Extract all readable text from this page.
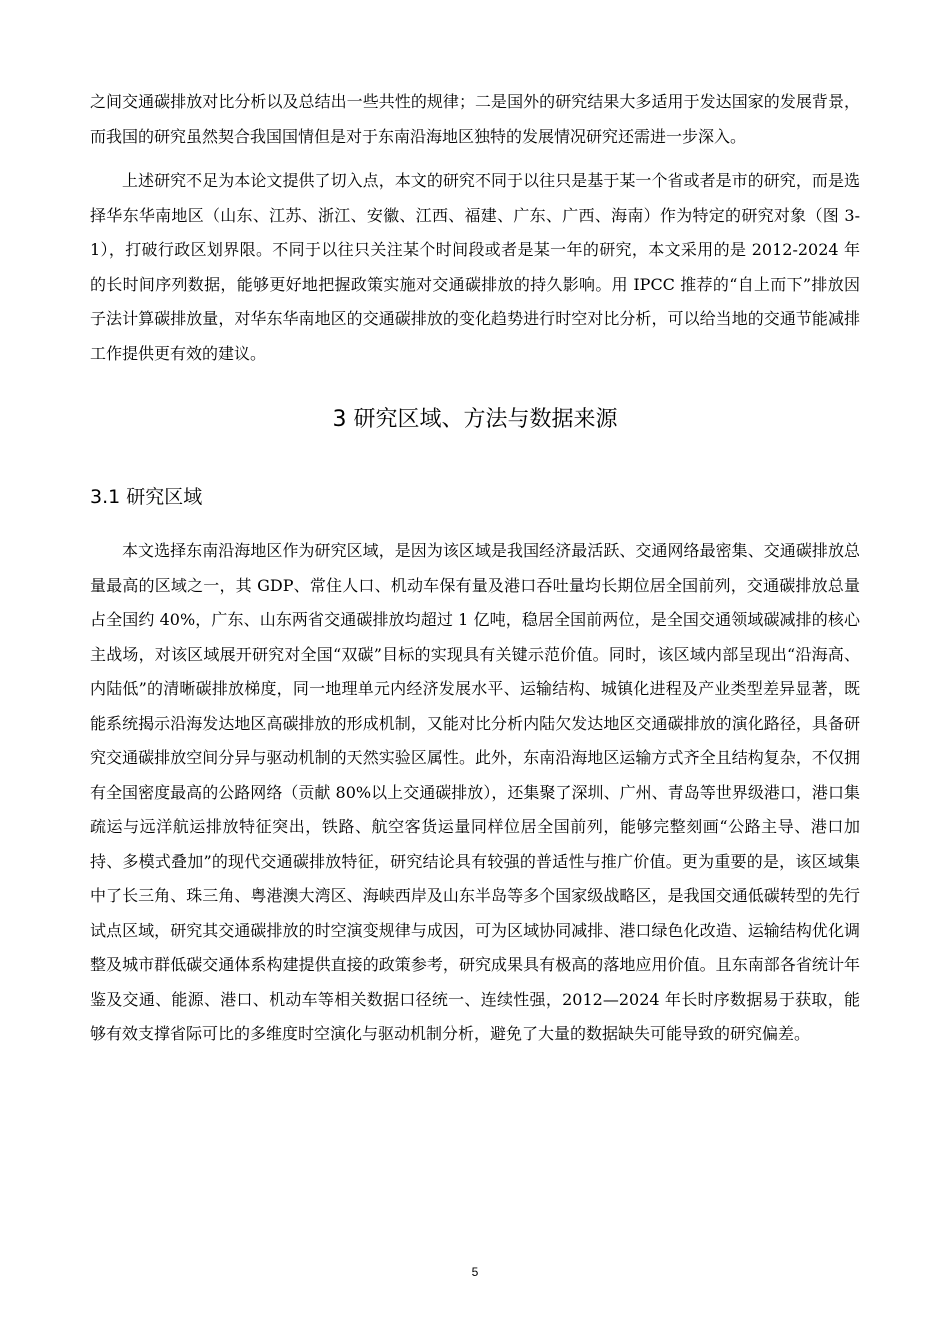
之间交通碳排放对比分析以及总结出一些共性的规律；二是国外的研究结果大多适用于发达国家的发展背景，而我国的研究虽然契合我国国情但是对于东南沿海地区独特的发展情况研究还需进一步深入。

上述研究不足为本论文提供了切入点，本文的研究不同于以往只是基于某一个省或者是市的研究，而是选择华东华南地区（山东、江苏、浙江、安徽、江西、福建、广东、广西、海南）作为特定的研究对象（图 3-1），打破行政区划界限。不同于以往只关注某个时间段或者是某一年的研究，本文采用的是 2012-2024 年的长时间序列数据，能够更好地把握政策实施对交通碳排放的持久影响。用 IPCC 推荐的“自上而下”排放因子法计算碳排放量，对华东华南地区的交通碳排放的变化趋势进行时空对比分析，可以给当地的交通节能减排工作提供更有效的建议。

3 研究区域、方法与数据来源
3.1 研究区域

本文选择东南沿海地区作为研究区域，是因为该区域是我国经济最活跃、交通网络最密集、交通碳排放总量最高的区域之一，其 GDP、常住人口、机动车保有量及港口吞吐量均长期位居全国前列，交通碳排放总量占全国约 40%，广东、山东两省交通碳排放均超过 1 亿吨，稳居全国前两位，是全国交通领域碳减排的核心主战场，对该区域展开研究对全国“双碳”目标的实现具有关键示范价值。同时，该区域内部呈现出“沿海高、内陆低”的清晰碳排放梯度，同一地理单元内经济发展水平、运输结构、城镇化进程及产业类型差异显著，既能系统揭示沿海发达地区高碳排放的形成机制，又能对比分析内陆欠发达地区交通碳排放的演化路径，具备研究交通碳排放空间分异与驱动机制的天然实验区属性。此外，东南沿海地区运输方式齐全且结构复杂，不仅拥有全国密度最高的公路网络（贡献 80%以上交通碳排放），还集聚了深圳、广州、青岛等世界级港口，港口集疏运与远洋航运排放特征突出，铁路、航空客货运量同样位居全国前列，能够完整刻画“公路主导、港口加持、多模式叠加”的现代交通碳排放特征，研究结论具有较强的普适性与推广价值。更为重要的是，该区域集中了长三角、珠三角、粤港澳大湾区、海峡西岸及山东半岛等多个国家级战略区，是我国交通低碳转型的先行试点区域，研究其交通碳排放的时空演变规律与成因，可为区域协同减排、港口绿色化改造、运输结构优化调整及城市群低碳交通体系构建提供直接的政策参考，研究成果具有极高的落地应用价值。且东南部各省统计年鉴及交通、能源、港口、机动车等相关数据口径统一、连续性强，2012—2024 年长时序数据易于获取，能够有效支撑省际可比的多维度时空演化与驱动机制分析，避免了大量的数据缺失可能导致的研究偏差。

5
